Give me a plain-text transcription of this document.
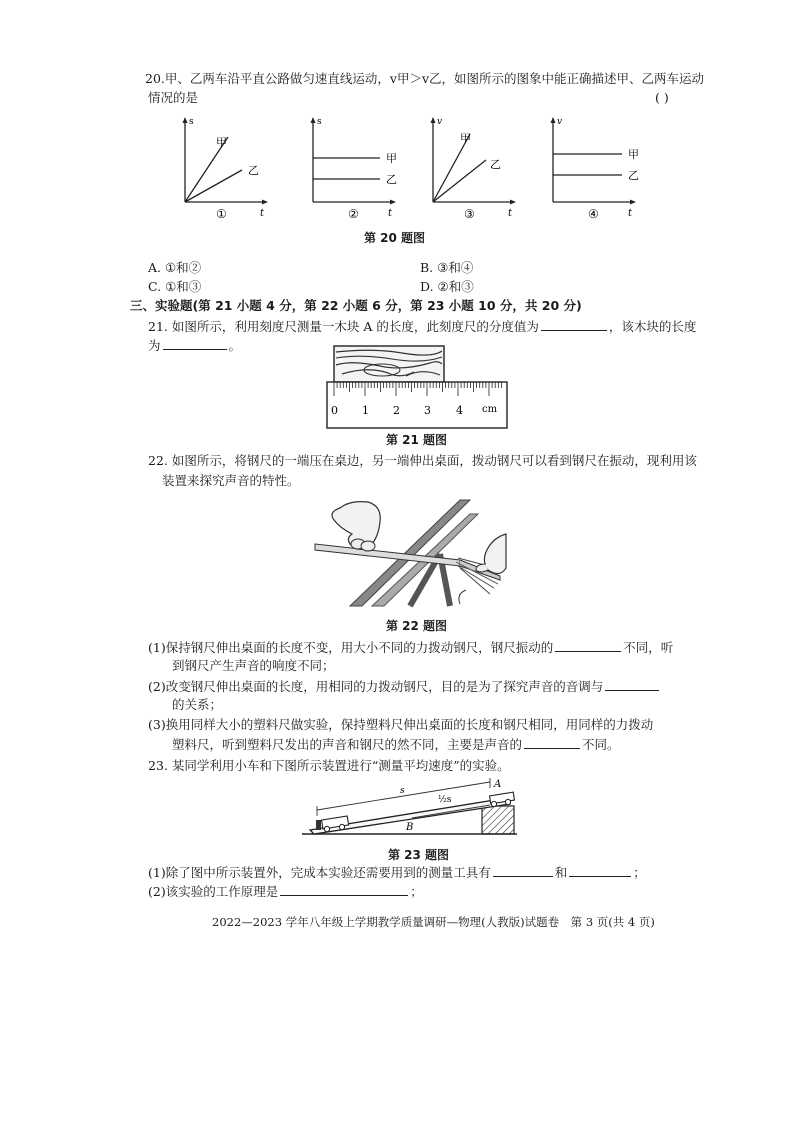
20.甲、乙两车沿平直公路做匀速直线运动，v甲＞v乙，如图所示的图象中能正确描述甲、乙两车运动
情况的是	( )
s
t
甲
乙
①
s
t
甲
乙
②
v
t
甲
乙
③
v
t
甲
乙
④
第 20 题图
A. ①和②	B. ③和④
C. ①和③	D. ②和③
三、实验题(第 21 小题 4 分，第 22 小题 6 分，第 23 小题 10 分，共 20 分)
21. 如图所示，利用刻度尺测量一木块 A 的长度，此刻度尺的分度值为	，该木块的长度
为	。
0 1 2 3 4 cm
第 21 题图
22. 如图所示，将钢尺的一端压在桌边，另一端伸出桌面，拨动钢尺可以看到钢尺在振动，现利用该
装置来探究声音的特性。
第 22 题图
(1)保持钢尺伸出桌面的长度不变，用大小不同的力拨动钢尺，钢尺振动的	不同，听
到钢尺产生声音的响度不同；
(2)改变钢尺伸出桌面的长度，用相同的力拨动钢尺，目的是为了探究声音的音调与
的关系；
(3)换用同样大小的塑料尺做实验，保持塑料尺伸出桌面的长度和钢尺相同，用同样的力拨动
塑料尺，听到塑料尺发出的声音和钢尺的然不同，主要是声音的	不同。
23. 某同学利用小车和下图所示装置进行“测量平均速度”的实验。
s
½s
A
B
第 23 题图
(1)除了图中所示装置外，完成本实验还需要用到的测量工具有	和	；
(2)该实验的工作原理是	；
2022—2023 学年八年级上学期教学质量调研—物理(人教版)试题卷　第 3 页(共 4 页)
